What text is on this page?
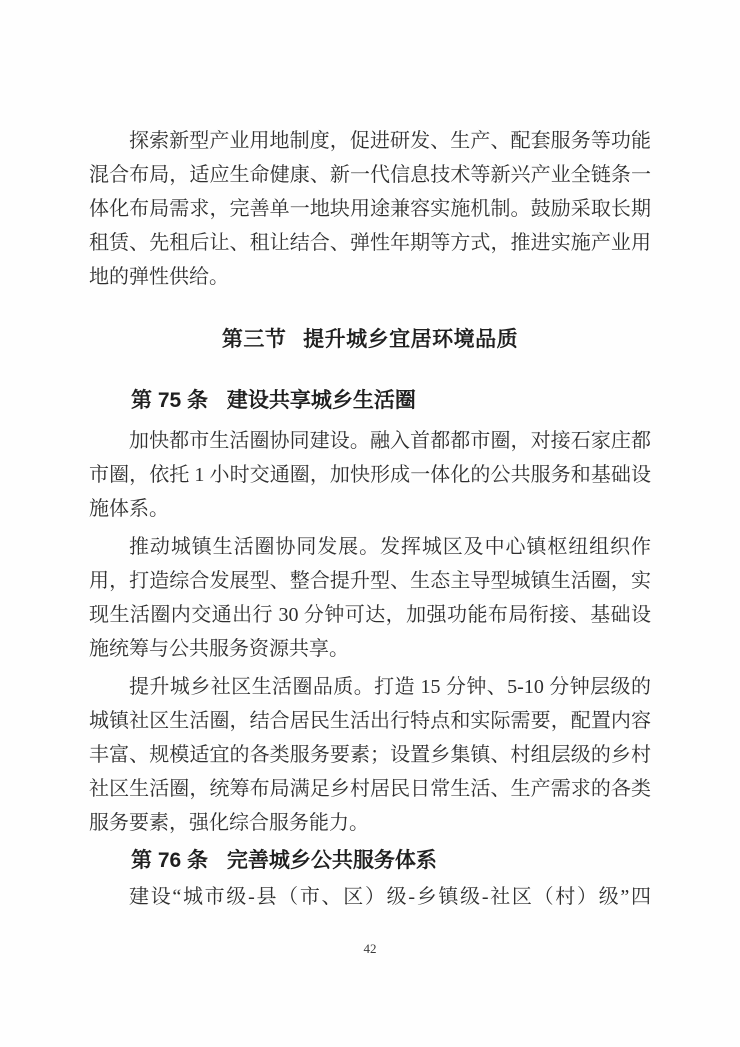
探索新型产业用地制度，促进研发、生产、配套服务等功能混合布局，适应生命健康、新一代信息技术等新兴产业全链条一体化布局需求，完善单一地块用途兼容实施机制。鼓励采取长期租赁、先租后让、租让结合、弹性年期等方式，推进实施产业用地的弹性供给。

第三节 提升城乡宜居环境品质
第 75 条 建设共享城乡生活圈

加快都市生活圈协同建设。融入首都都市圈，对接石家庄都市圈，依托 1 小时交通圈，加快形成一体化的公共服务和基础设施体系。

推动城镇生活圈协同发展。发挥城区及中心镇枢纽组织作用，打造综合发展型、整合提升型、生态主导型城镇生活圈，实现生活圈内交通出行 30 分钟可达，加强功能布局衔接、基础设施统筹与公共服务资源共享。

提升城乡社区生活圈品质。打造 15 分钟、5-10 分钟层级的城镇社区生活圈，结合居民生活出行特点和实际需要，配置内容丰富、规模适宜的各类服务要素；设置乡集镇、村组层级的乡村社区生活圈，统筹布局满足乡村居民日常生活、生产需求的各类服务要素，强化综合服务能力。

第 76 条 完善城乡公共服务体系

建设“城市级-县（市、区）级-乡镇级-社区（村）级”四

42
